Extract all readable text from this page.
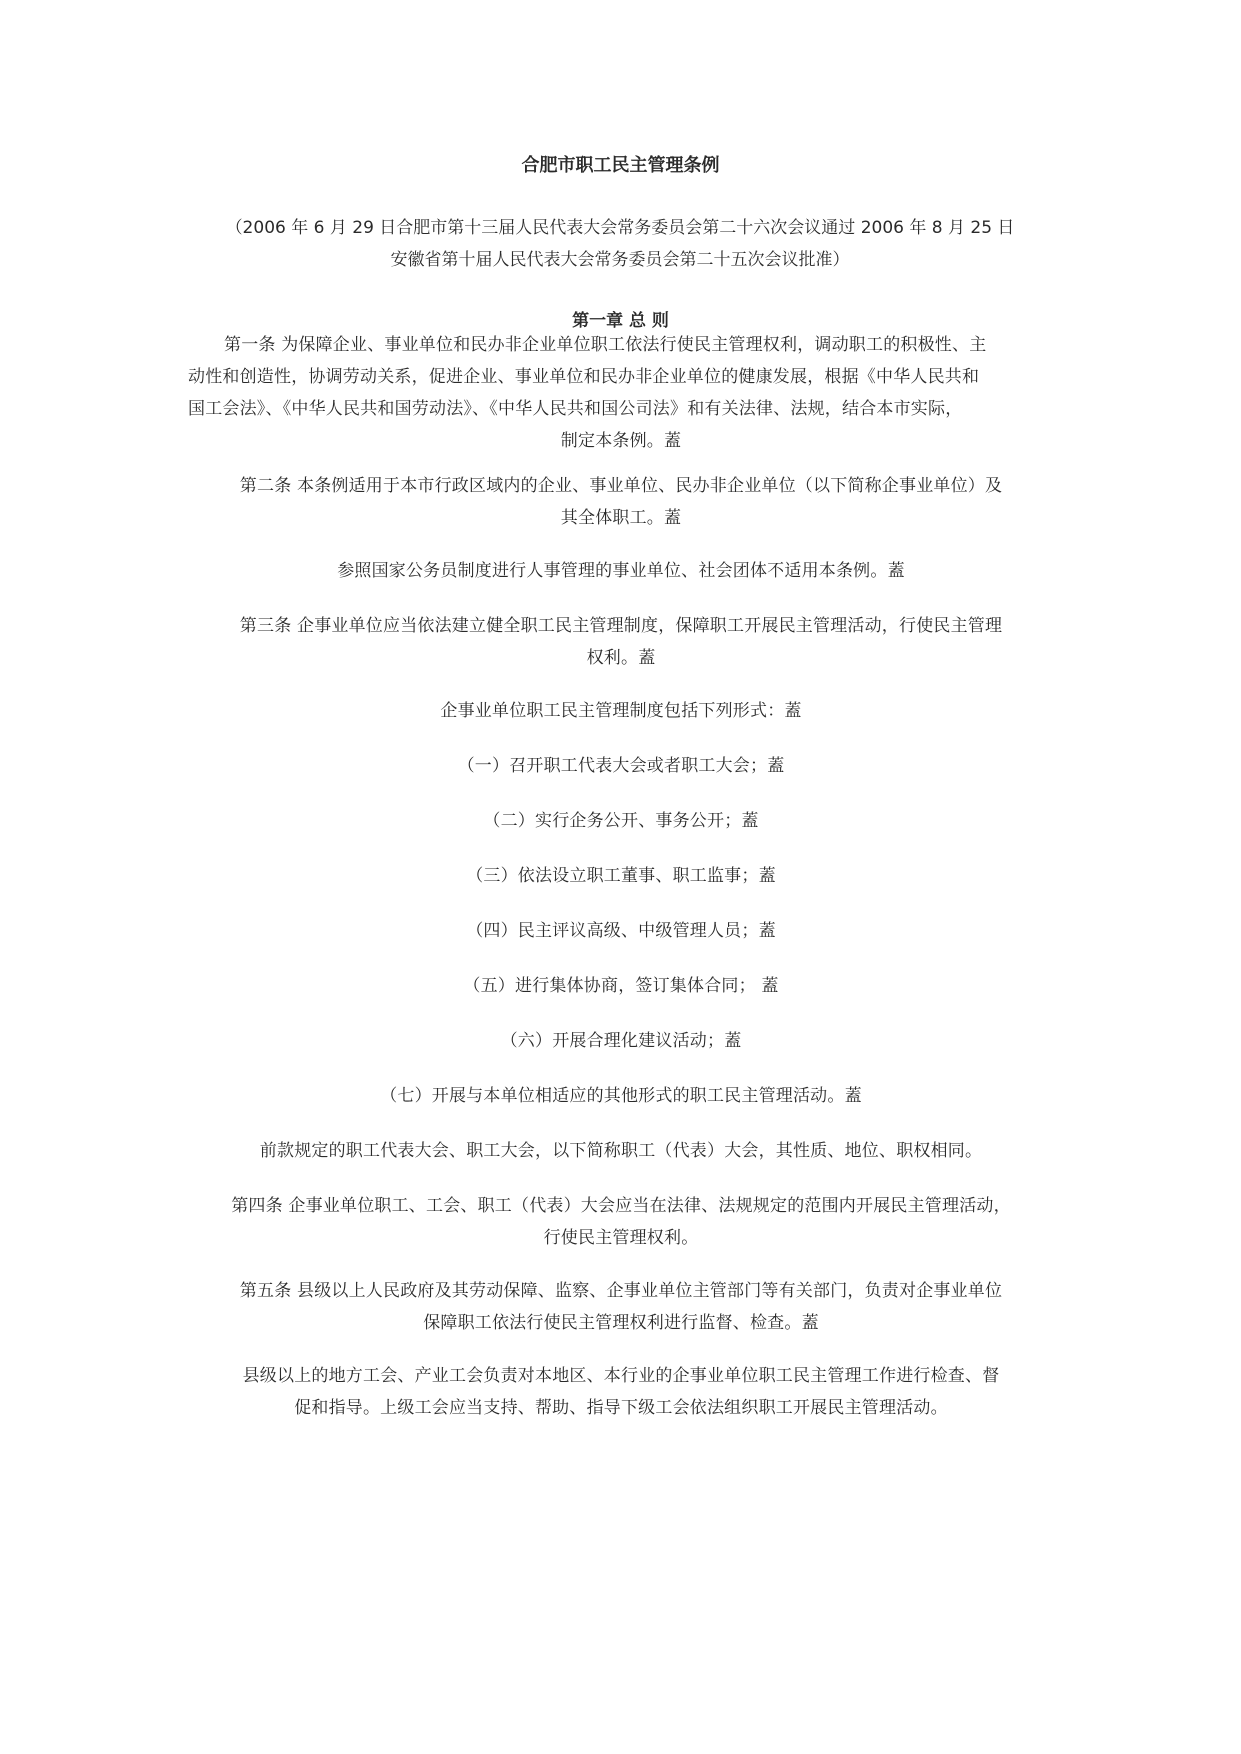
合肥市职工民主管理条例

（2006 年 6 月 29 日合肥市第十三届人民代表大会常务委员会第二十六次会议通过 2006 年 8 月 25 日
安徽省第十届人民代表大会常务委员会第二十五次会议批准）

第一章 总 则

第一条 为保障企业、事业单位和民办非企业单位职工依法行使民主管理权利，调动职工的积极性、主
动性和创造性，协调劳动关系，促进企业、事业单位和民办非企业单位的健康发展，根据《中华人民共和
国工会法》、《中华人民共和国劳动法》、《中华人民共和国公司法》和有关法律、法规，结合本市实际，
制定本条例。蓋

第二条 本条例适用于本市行政区域内的企业、事业单位、民办非企业单位（以下简称企事业单位）及
其全体职工。蓋

参照国家公务员制度进行人事管理的事业单位、社会团体不适用本条例。蓋

第三条 企事业单位应当依法建立健全职工民主管理制度，保障职工开展民主管理活动，行使民主管理
权利。蓋

企事业单位职工民主管理制度包括下列形式：蓋

（一）召开职工代表大会或者职工大会；蓋

（二）实行企务公开、事务公开；蓋

（三）依法设立职工董事、职工监事；蓋

（四）民主评议高级、中级管理人员；蓋

（五）进行集体协商，签订集体合同； 蓋

（六）开展合理化建议活动；蓋

（七）开展与本单位相适应的其他形式的职工民主管理活动。蓋

前款规定的职工代表大会、职工大会，以下简称职工（代表）大会，其性质、地位、职权相同。

第四条 企事业单位职工、工会、职工（代表）大会应当在法律、法规规定的范围内开展民主管理活动，
行使民主管理权利。

第五条 县级以上人民政府及其劳动保障、监察、企事业单位主管部门等有关部门，负责对企事业单位
保障职工依法行使民主管理权利进行监督、检查。蓋

县级以上的地方工会、产业工会负责对本地区、本行业的企事业单位职工民主管理工作进行检查、督
促和指导。上级工会应当支持、帮助、指导下级工会依法组织职工开展民主管理活动。
